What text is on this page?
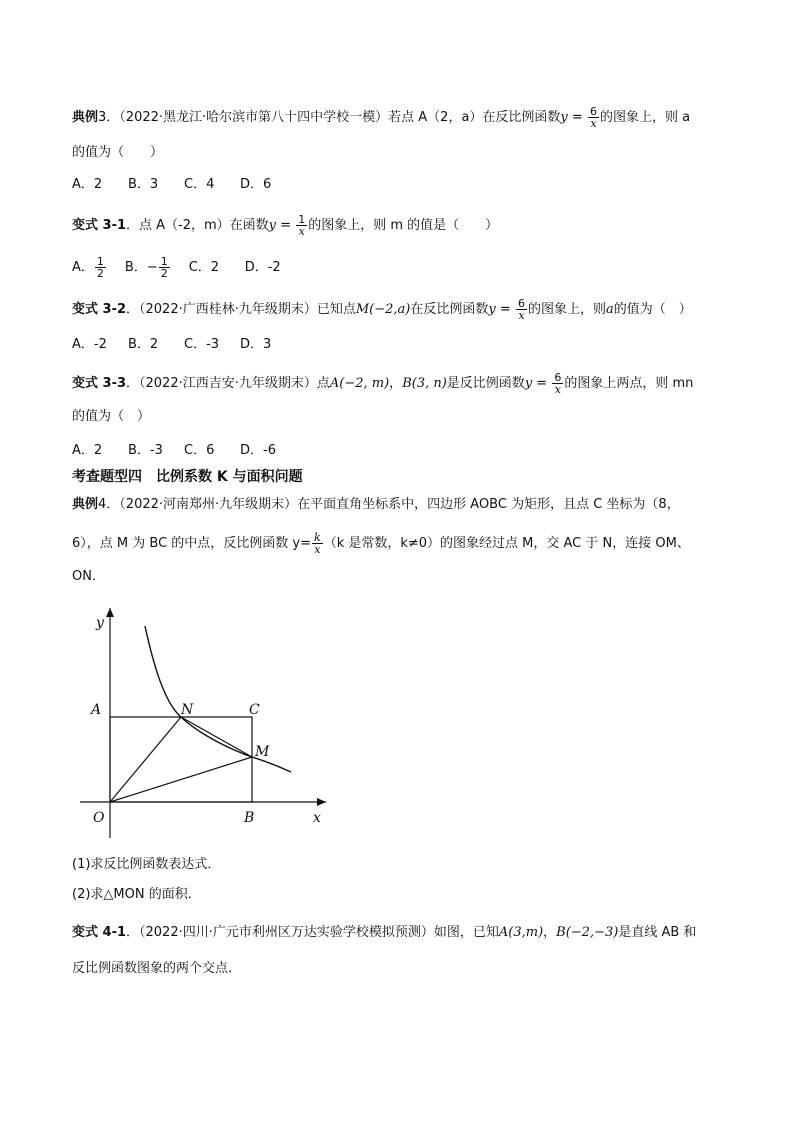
典例3．（2022·黑龙江·哈尔滨市第八十四中学校一模）若点 A（2，a）在反比例函数$y = \frac{6}{x}$ 的图象上，则 a
的值为（　　）
A．2 B．3 C．4 D．6
变式 3-1．点 A（-2，m）在函数$y = \frac{1}{x}$ 的图象上，则 m 的值是（　　）
A． $\frac{1}{2}$ B．− $\frac{1}{2}$ C．2 D．-2
变式 3-2．（2022·广西桂林·九年级期末）已知点M(−2,a)在反比例函数$y = \frac{6}{x}$ 的图象上，则a的值为（　）
A．-2 B．2 C．-3 D．3
变式 3-3．（2022·江西吉安·九年级期末）点A(−2, m)，B(3, n)是反比例函数$y = \frac{6}{x}$ 的图象上两点，则 mn
的值为（　）
A．2 B．-3 C．6 D．-6
考查题型四　比例系数 K 与面积问题
典例4．（2022·河南郑州·九年级期末）在平面直角坐标系中，四边形 AOBC 为矩形，且点 C 坐标为（8，
6），点 M 为 BC 的中点，反比例函数 $y= \frac{k}{x} (k$ 是常数，k≠0）的图象经过点 M，交 AC 于 N，连接 OM、
ON．
y
x
O
A
B
C
N
M
(1)求反比例函数表达式．
(2)求△MON 的面积．
变式 4-1．（2022·四川·广元市利州区万达实验学校模拟预测）如图，已知A(3,m)，B(−2,−3)是直线 AB 和
反比例函数图象的两个交点．
